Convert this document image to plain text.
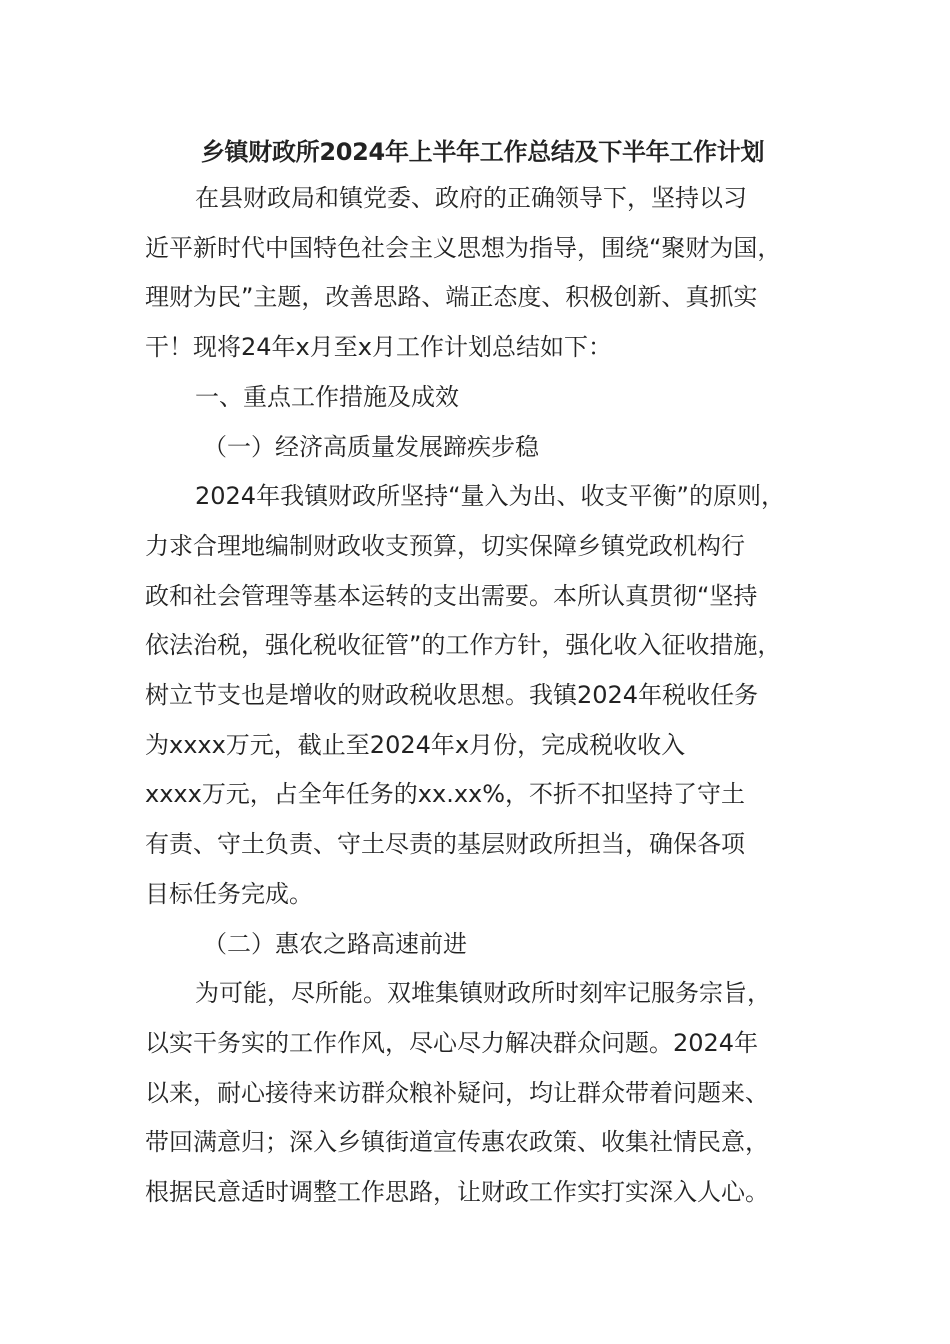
乡镇财政所2024年上半年工作总结及下半年工作计划

在县财政局和镇党委、政府的正确领导下，坚持以习
近平新时代中国特色社会主义思想为指导，围绕“聚财为国，
理财为民”主题，改善思路、端正态度、积极创新、真抓实
干！现将24年x月至x月工作计划总结如下：

一、重点工作措施及成效

（一）经济高质量发展蹄疾步稳

2024年我镇财政所坚持“量入为出、收支平衡”的原则，
力求合理地编制财政收支预算，切实保障乡镇党政机构行
政和社会管理等基本运转的支出需要。本所认真贯彻“坚持
依法治税，强化税收征管”的工作方针，强化收入征收措施，
树立节支也是增收的财政税收思想。我镇2024年税收任务
为xxxx万元，截止至2024年x月份，完成税收收入
xxxx万元，占全年任务的xx.xx%，不折不扣坚持了守土
有责、守土负责、守土尽责的基层财政所担当，确保各项
目标任务完成。

（二）惠农之路高速前进

为可能，尽所能。双堆集镇财政所时刻牢记服务宗旨，
以实干务实的工作作风，尽心尽力解决群众问题。2024年
以来，耐心接待来访群众粮补疑问，均让群众带着问题来、
带回满意归；深入乡镇街道宣传惠农政策、收集社情民意，
根据民意适时调整工作思路，让财政工作实打实深入人心。
